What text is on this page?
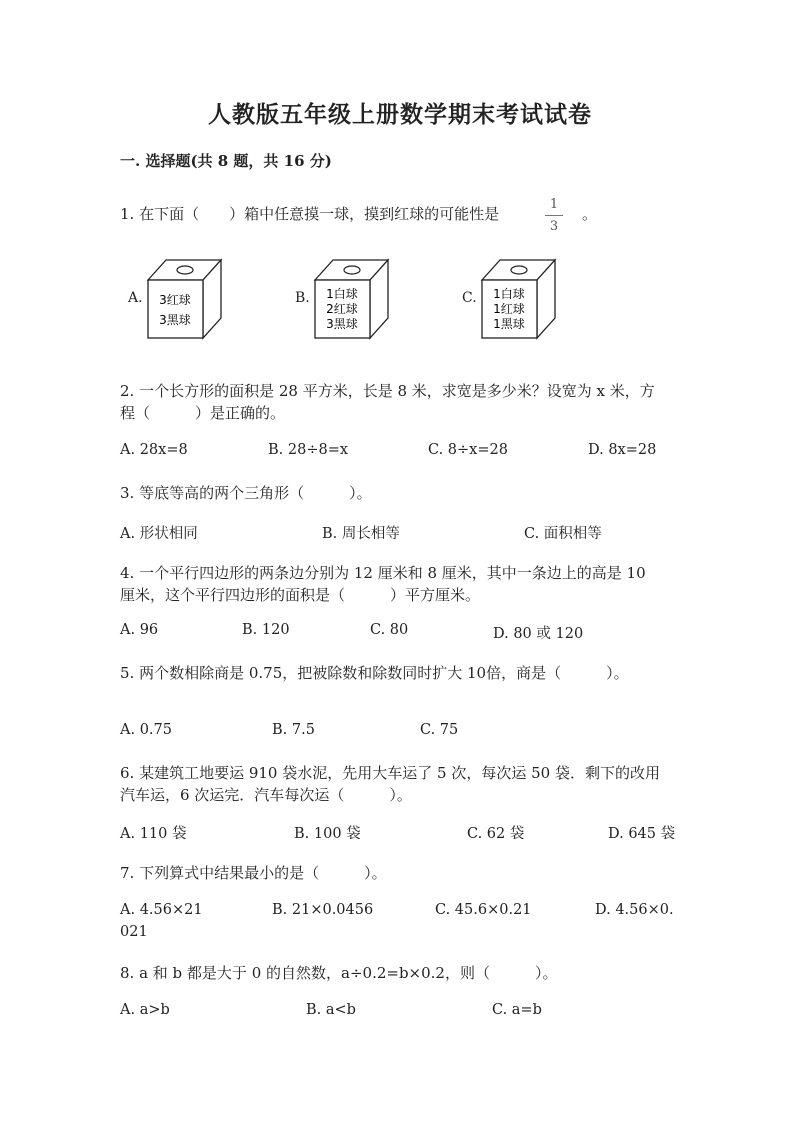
人教版五年级上册数学期末考试试卷
一. 选择题(共 8 题，共 16 分)
1. 在下面（　　）箱中任意摸一球，摸到红球的可能性是
1
3
。
A. 3红球
3黑球
B. 1白球
2红球
3黑球
C. 1白球
1红球
1黑球
2. 一个长方形的面积是 28 平方米，长是 8 米，求宽是多少米？设宽为 x 米，方
程（　　　）是正确的。
A. 28x=8	B. 28÷8=x	C. 8÷x=28	D. 8x=28
3. 等底等高的两个三角形（　　　）。
A. 形状相同	B. 周长相等	C. 面积相等
4. 一个平行四边形的两条边分别为 12 厘米和 8 厘米，其中一条边上的高是 10
厘米，这个平行四边形的面积是（　　　）平方厘米。
A. 96	B. 120	C. 80	D. 80 或 120
5. 两个数相除商是 0.75，把被除数和除数同时扩大 10倍，商是（　　　）。
A. 0.75	B. 7.5	C. 75
6. 某建筑工地要运 910 袋水泥，先用大车运了 5 次，每次运 50 袋．剩下的改用
汽车运，6 次运完．汽车每次运（　　　）。
A. 110 袋	B. 100 袋	C. 62 袋	D. 645 袋
7. 下列算式中结果最小的是（　　　）。
A. 4.56×21	B. 21×0.0456	C. 45.6×0.21	D. 4.56×0.
021
8. a 和 b 都是大于 0 的自然数，a÷0.2=b×0.2，则（　　　）。
A. a>b	B. a<b	C. a=b
